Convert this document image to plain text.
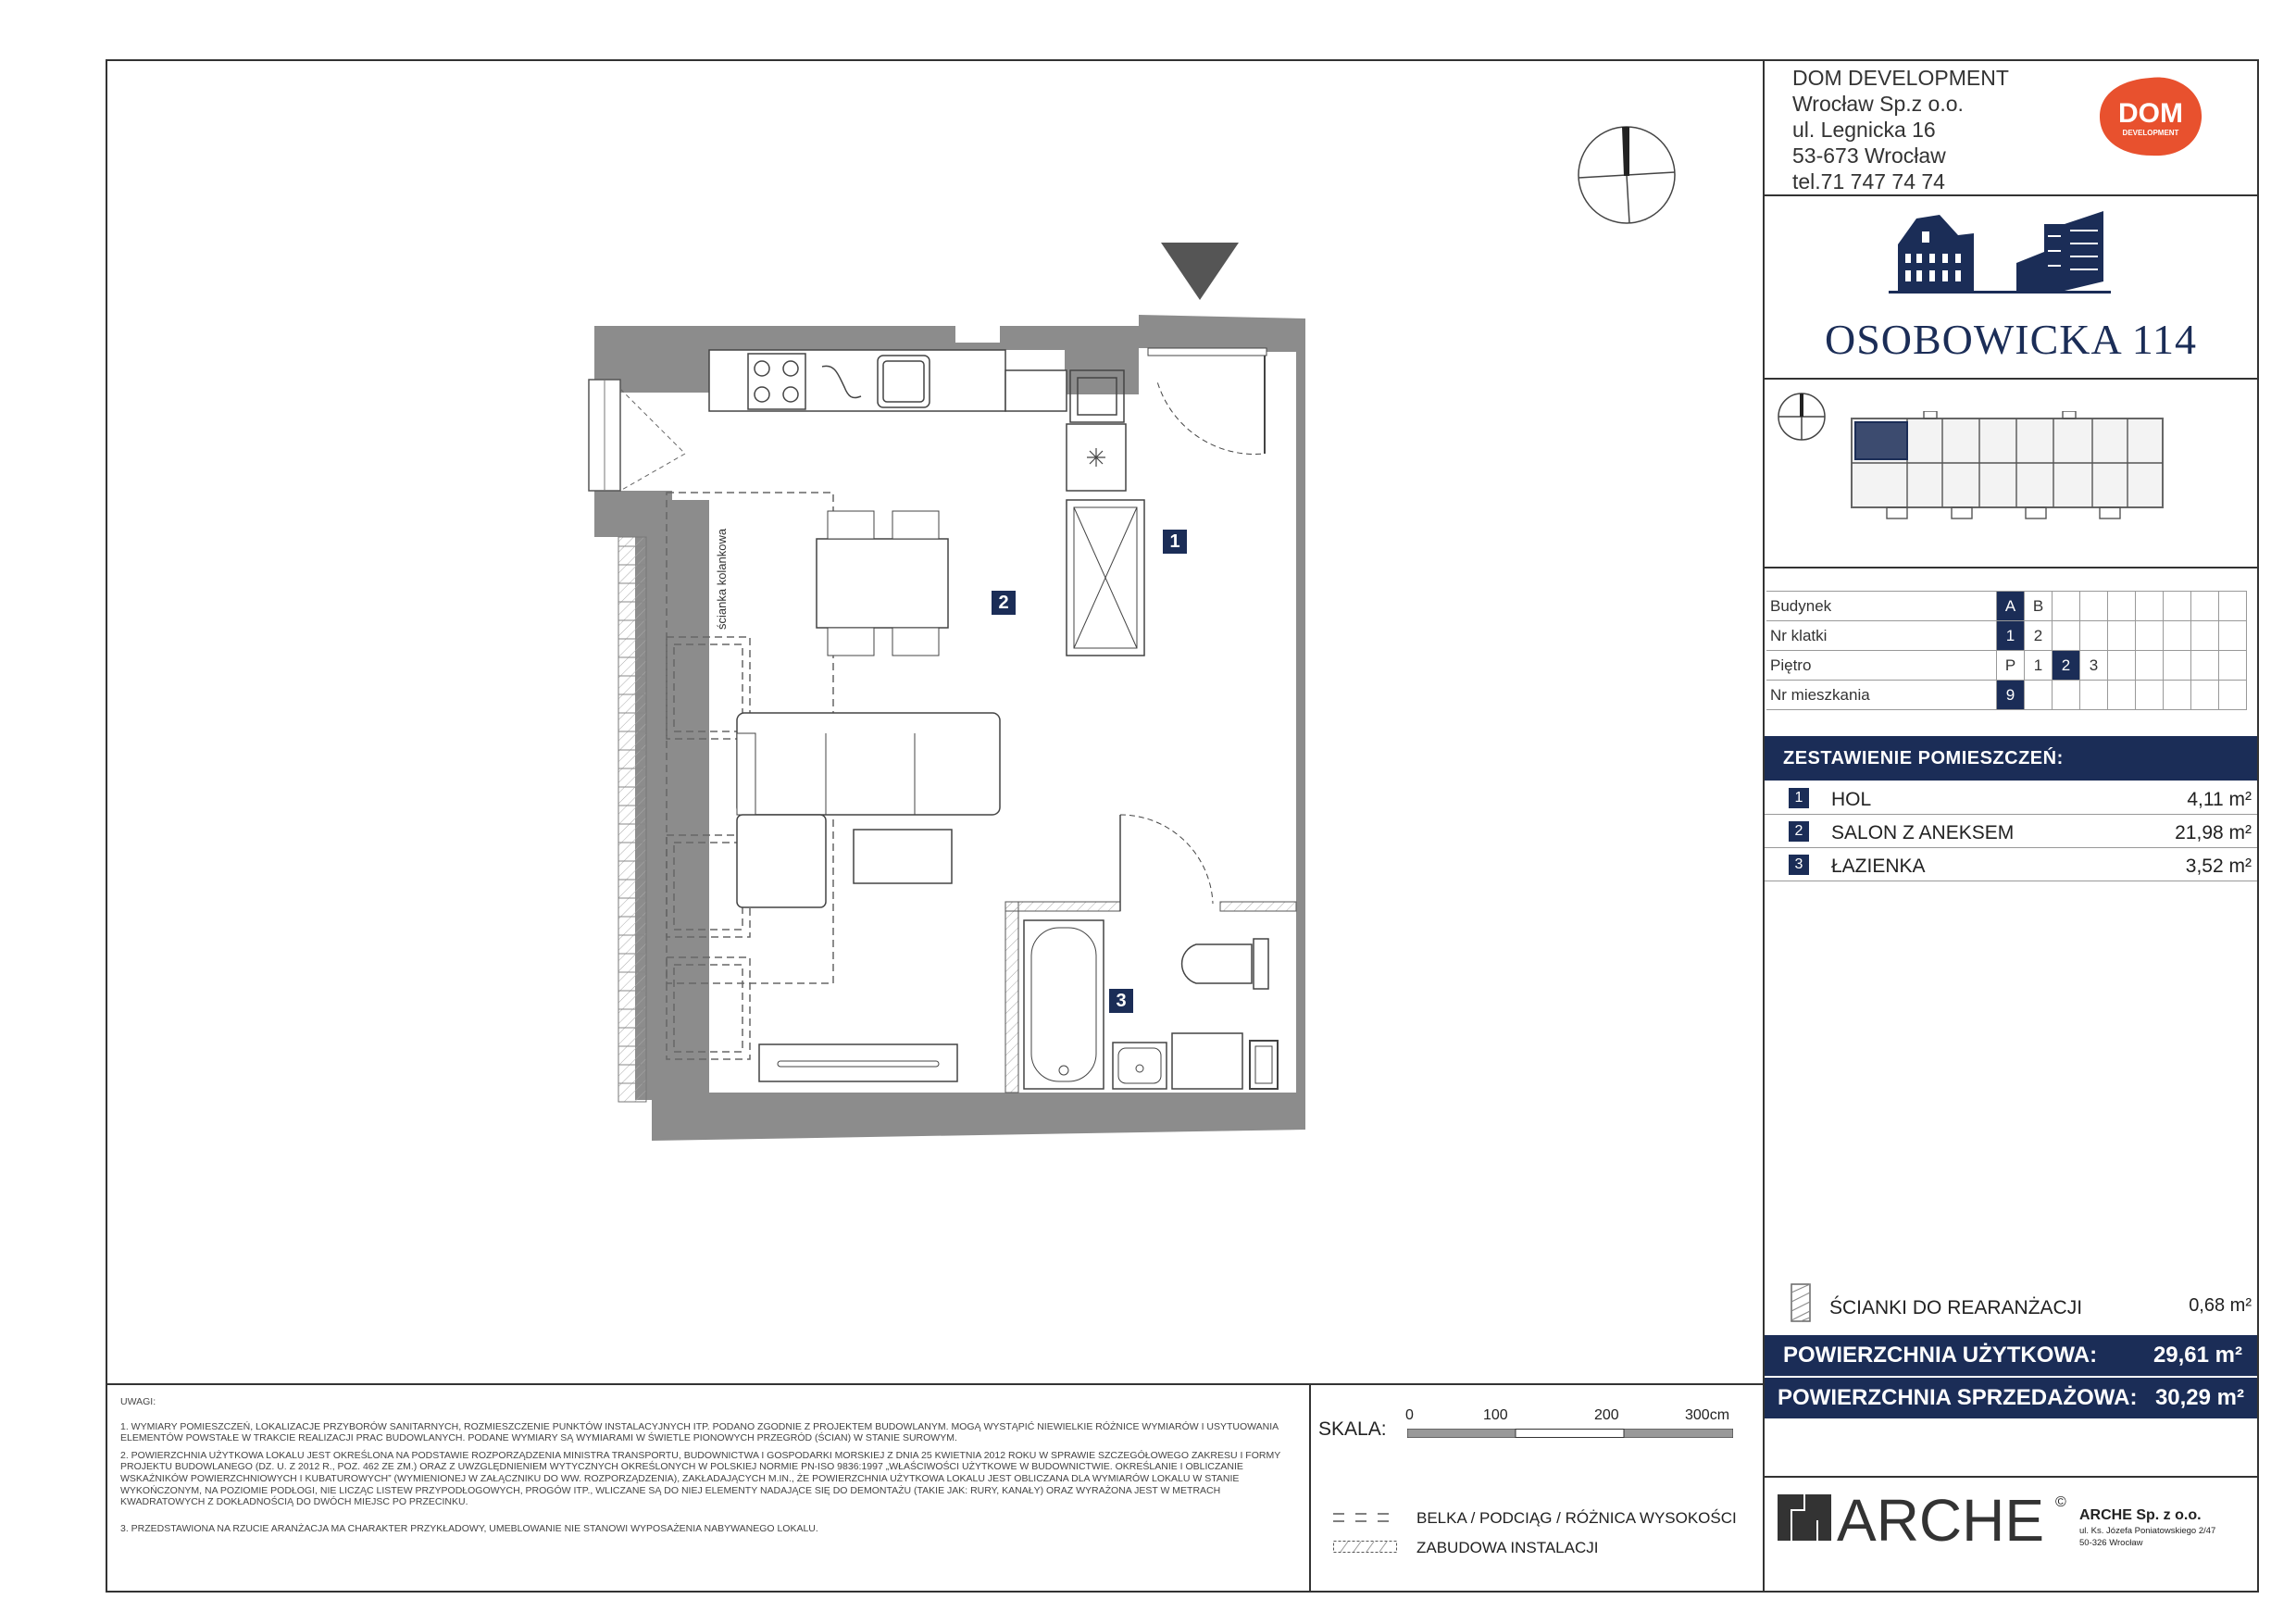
DOM DEVELOPMENT
Wrocław Sp.z o.o.
ul. Legnicka 16
53-673 Wrocław
tel.71 747 74 74
DOM
DEVELOPMENT
OSOBOWICKA 114
Budynek	A	B							
Nr klatki	1	2							
Piętro	P	1	2	3					
Nr mieszkania	9								
ZESTAWIENIE POMIESZCZEŃ:
1	HOL	4,11 m²
2	SALON Z ANEKSEM	21,98 m²
3	ŁAZIENKA	3,52 m²
ŚCIANKI DO REARANŻACJI	0,68 m²
POWIERZCHNIA UŻYTKOWA:	29,61 m²
POWIERZCHNIA SPRZEDAŻOWA: 30,29 m²
ARCHE ©
ARCHE Sp. z o.o.
ul. Ks. Józefa Poniatowskiego 2/47
50-326 Wrocław

UWAGI:

1. WYMIARY POMIESZCZEŃ, LOKALIZACJE PRZYBORÓW SANITARNYCH, ROZMIESZCZENIE PUNKTÓW INSTALACYJNYCH ITP. PODANO ZGODNIE Z PROJEKTEM BUDOWLANYM. MOGĄ WYSTĄPIĆ NIEWIELKIE RÓŻNICE WYMIARÓW I USYTUOWANIA ELEMENTÓW POWSTAŁE W TRAKCIE REALIZACJI PRAC BUDOWLANYCH. PODANE WYMIARY SĄ WYMIARAMI W ŚWIETLE PIONOWYCH PRZEGRÓD (ŚCIAN) W STANIE SUROWYM.

2. POWIERZCHNIA UŻYTKOWA LOKALU JEST OKREŚLONA NA PODSTAWIE ROZPORZĄDZENIA MINISTRA TRANSPORTU, BUDOWNICTWA I GOSPODARKI MORSKIEJ Z DNIA 25 KWIETNIA 2012 ROKU W SPRAWIE SZCZEGÓŁOWEGO ZAKRESU I FORMY PROJEKTU BUDOWLANEGO (DZ. U. Z 2012 R., POZ. 462 ZE ZM.) ORAZ Z UWZGLĘDNIENIEM WYTYCZNYCH OKREŚLONYCH W POLSKIEJ NORMIE PN-ISO 9836:1997 „WŁAŚCIWOŚCI UŻYTKOWE W BUDOWNICTWIE. OKREŚLANIE I OBLICZANIE WSKAŹNIKÓW POWIERZCHNIOWYCH I KUBATUROWYCH” (WYMIENIONEJ W ZAŁĄCZNIKU DO WW. ROZPORZĄDZENIA), ZAKŁADAJĄCYCH M.IN., ŻE POWIERZCHNIA UŻYTKOWA LOKALU JEST OBLICZANA DLA WYMIARÓW LOKALU W STANIE WYKOŃCZONYM, NA POZIOMIE PODŁOGI, NIE LICZĄC LISTEW PRZYPODŁOGOWYCH, PROGÓW ITP., WLICZANE SĄ DO NIEJ ELEMENTY NADAJĄCE SIĘ DO DEMONTAŻU (TAKIE JAK: RURY, KANAŁY) ORAZ WYRAŻONA JEST W METRACH KWADRATOWYCH Z DOKŁADNOŚCIĄ DO DWÓCH MIEJSC PO PRZECINKU.

3. PRZEDSTAWIONA NA RZUCIE ARANŻACJA MA CHARAKTER PRZYKŁADOWY, UMEBLOWANIE NIE STANOWI WYPOSAŻENIA NABYWANEGO LOKALU.

SKALA:
0	100	200	300cm
BELKA / PODCIĄG / RÓŻNICA WYSOKOŚCI
ZABUDOWA INSTALACJI
ścianka kolankowa	1
2
3
